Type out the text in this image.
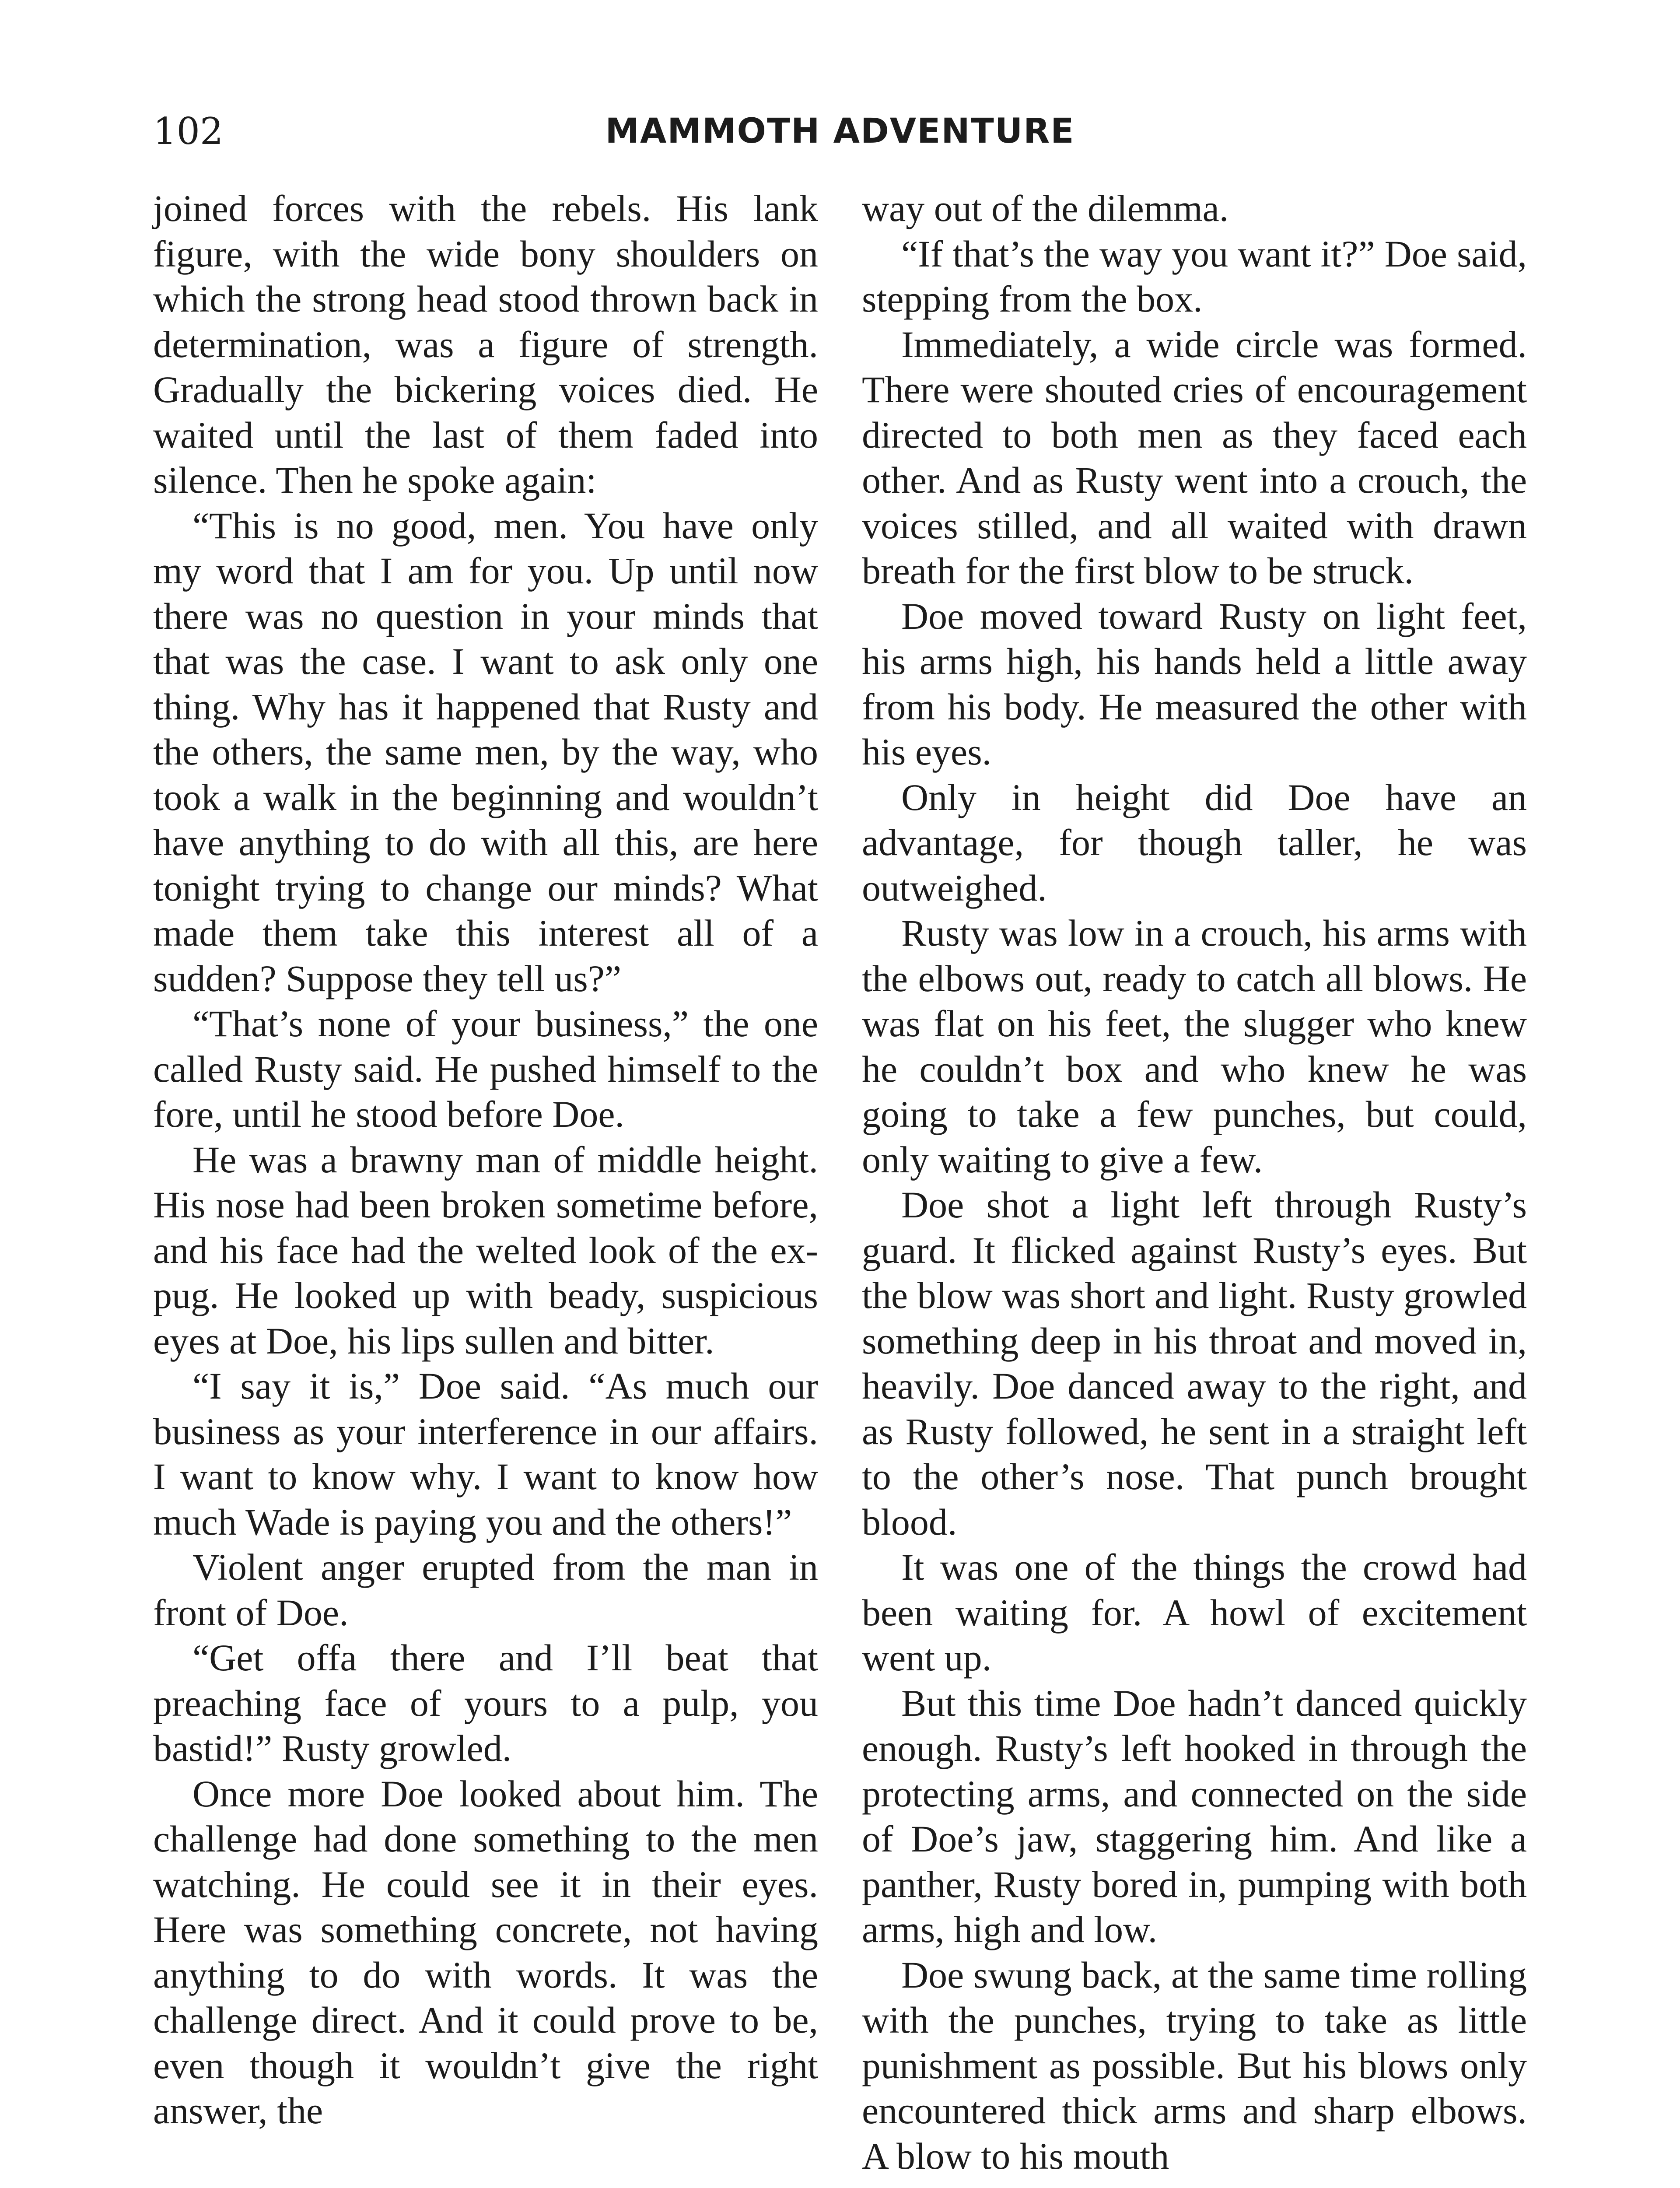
102	MAMMOTH ADVENTURE

joined forces with the rebels. His lank figure, with the wide bony shoulders on which the strong head stood thrown back in determination, was a figure of strength. Gradually the bickering voices died. He waited until the last of them faded into silence. Then he spoke again:

“This is no good, men. You have only my word that I am for you. Up until now there was no question in your minds that that was the case. I want to ask only one thing. Why has it happened that Rusty and the others, the same men, by the way, who took a walk in the beginning and wouldn’t have anything to do with all this, are here tonight trying to change our minds? What made them take this interest all of a sudden? Suppose they tell us?”

“That’s none of your business,” the one called Rusty said. He pushed himself to the fore, until he stood before Doe.

He was a brawny man of middle height. His nose had been broken sometime before, and his face had the welted look of the ex-pug. He looked up with beady, suspicious eyes at Doe, his lips sullen and bitter.

“I say it is,” Doe said. “As much our business as your interference in our affairs. I want to know why. I want to know how much Wade is paying you and the others!”

Violent anger erupted from the man in front of Doe.

“Get offa there and I’ll beat that preaching face of yours to a pulp, you bastid!” Rusty growled.

Once more Doe looked about him. The challenge had done something to the men watching. He could see it in their eyes. Here was something concrete, not having anything to do with words. It was the challenge direct. And it could prove to be, even though it wouldn’t give the right answer, the

way out of the dilemma.

“If that’s the way you want it?” Doe said, stepping from the box.

Immediately, a wide circle was formed. There were shouted cries of encouragement directed to both men as they faced each other. And as Rusty went into a crouch, the voices stilled, and all waited with drawn breath for the first blow to be struck.

Doe moved toward Rusty on light feet, his arms high, his hands held a little away from his body. He measured the other with his eyes.

Only in height did Doe have an advantage, for though taller, he was outweighed.

Rusty was low in a crouch, his arms with the elbows out, ready to catch all blows. He was flat on his feet, the slugger who knew he couldn’t box and who knew he was going to take a few punches, but could, only waiting to give a few.

Doe shot a light left through Rusty’s guard. It flicked against Rusty’s eyes. But the blow was short and light. Rusty growled something deep in his throat and moved in, heavily. Doe danced away to the right, and as Rusty followed, he sent in a straight left to the other’s nose. That punch brought blood.

It was one of the things the crowd had been waiting for. A howl of excitement went up.

But this time Doe hadn’t danced quickly enough. Rusty’s left hooked in through the protecting arms, and connected on the side of Doe’s jaw, staggering him. And like a panther, Rusty bored in, pumping with both arms, high and low.

Doe swung back, at the same time rolling with the punches, trying to take as little punishment as possible. But his blows only encountered thick arms and sharp elbows. A blow to his mouth
